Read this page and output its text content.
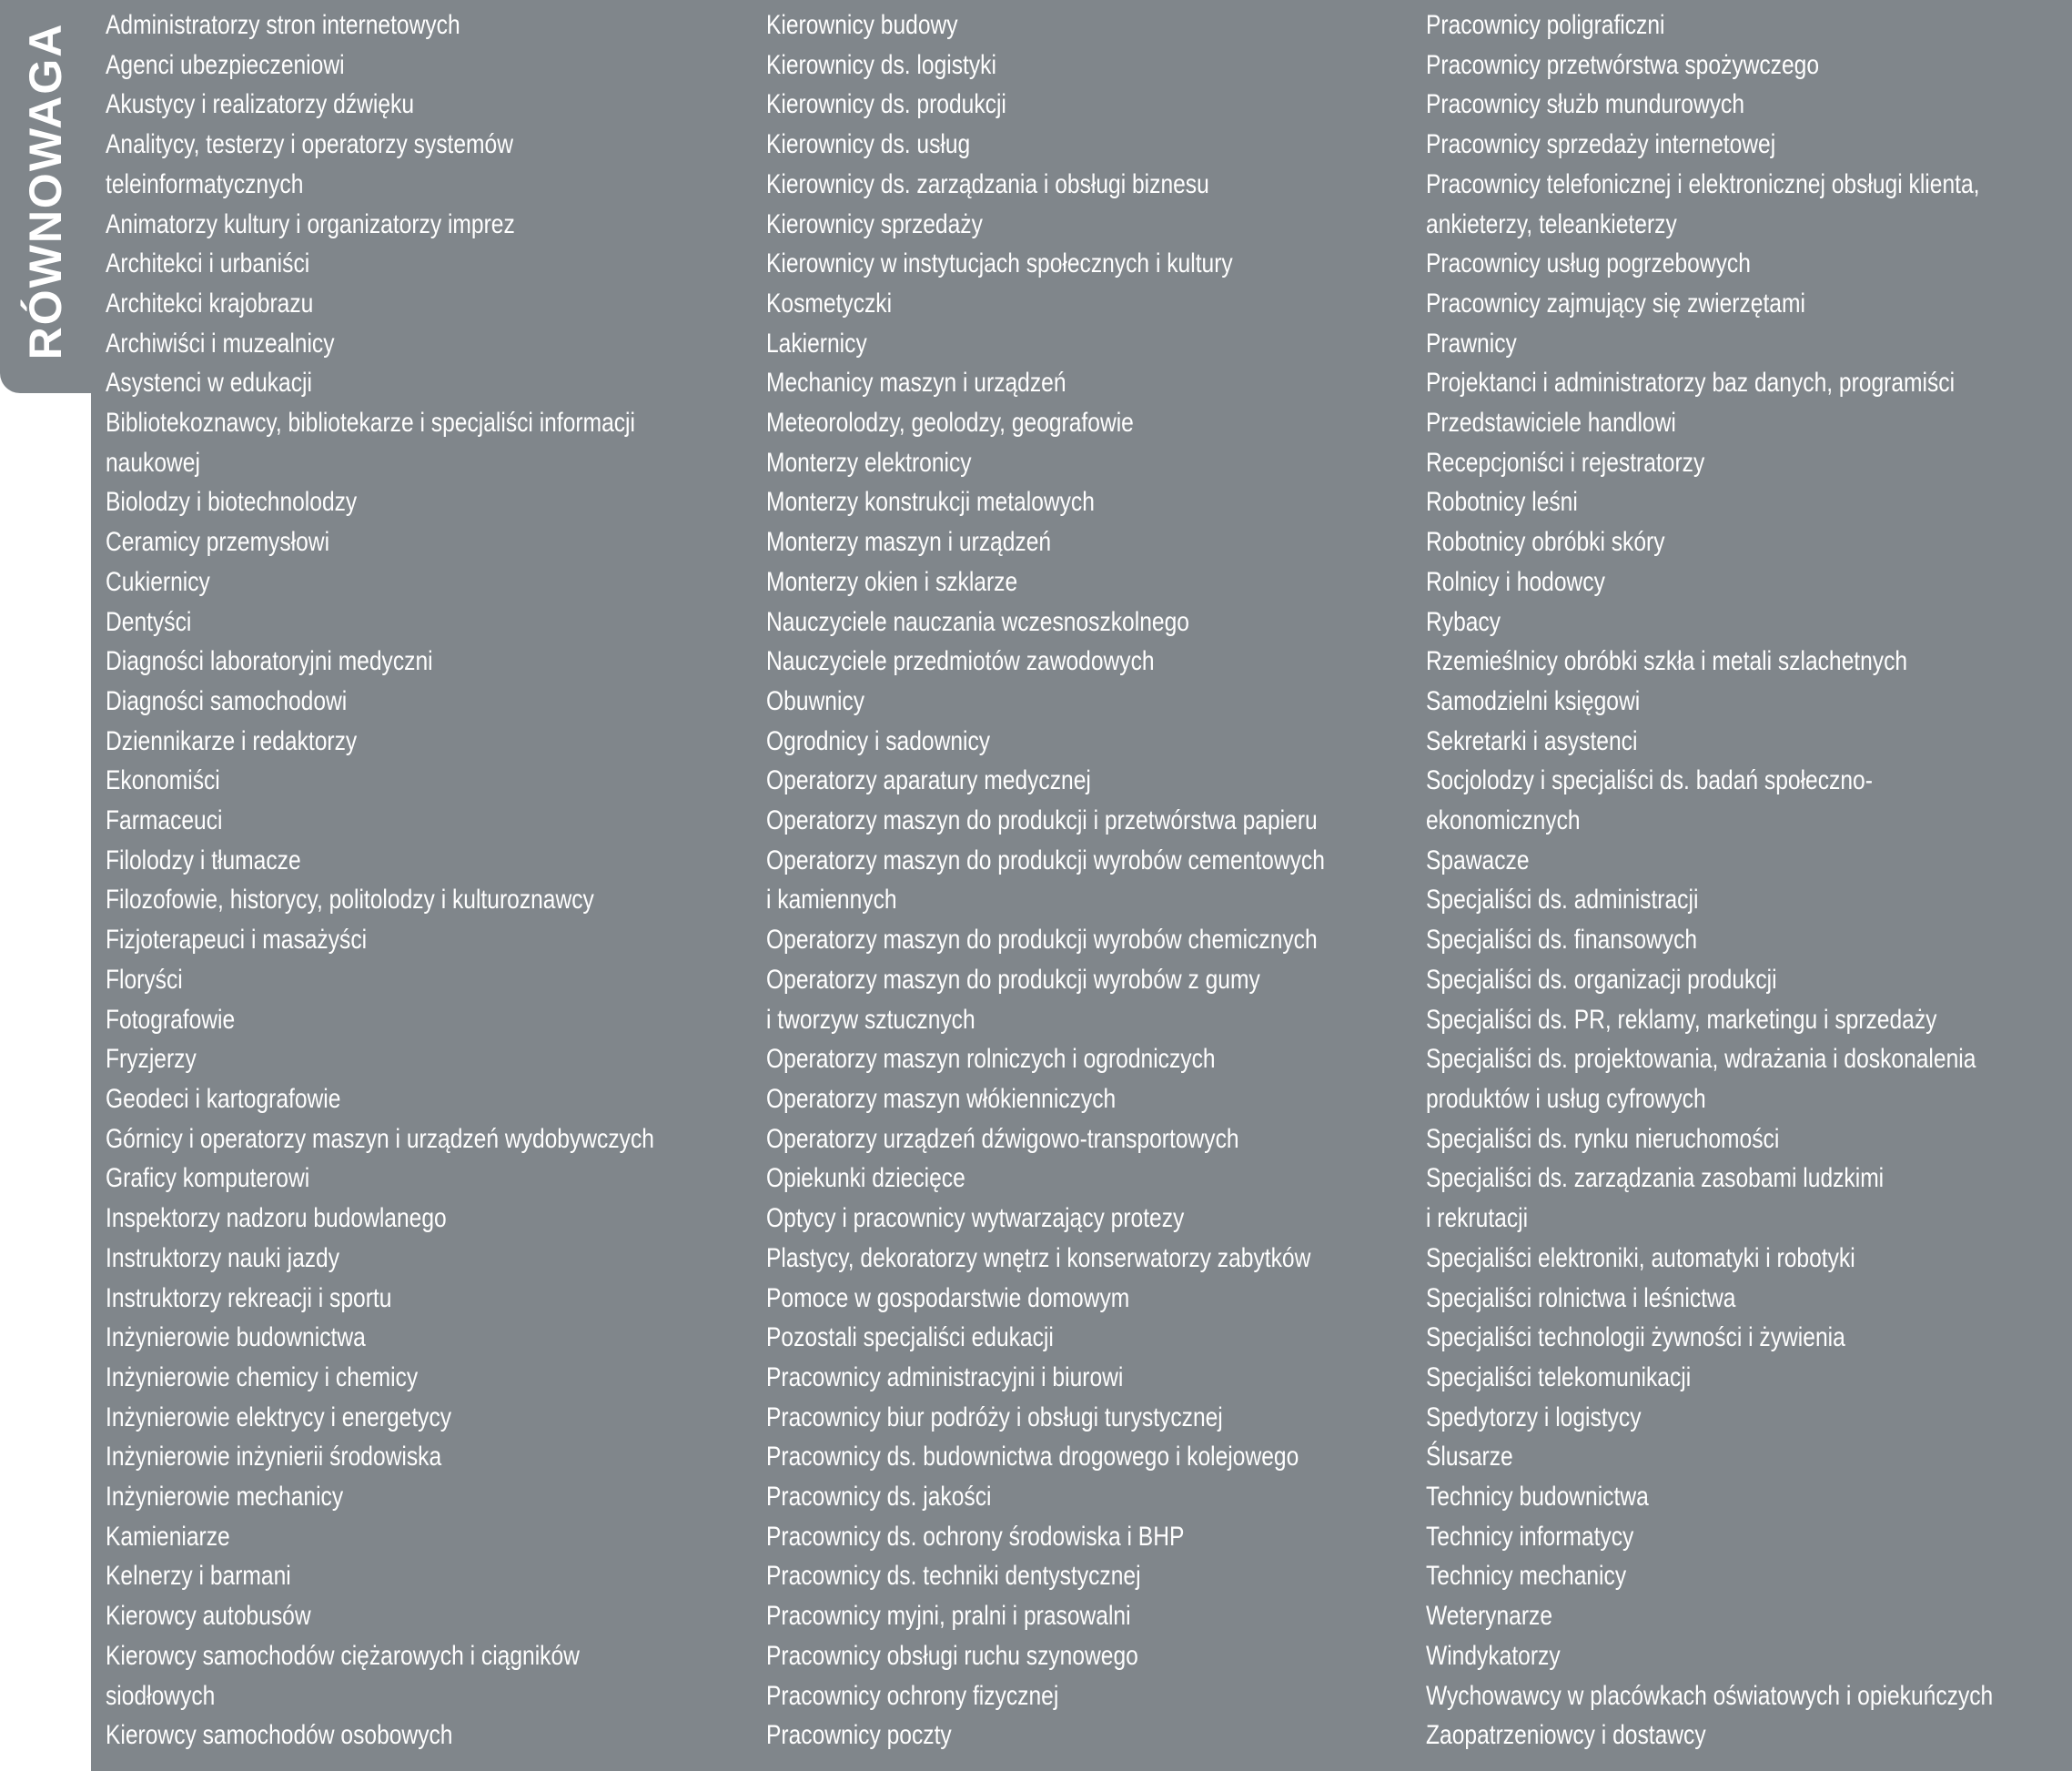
RÓWNOWAGA Administratorzy stron internetowych
Agenci ubezpieczeniowi
Akustycy i realizatorzy dźwięku
Analitycy, testerzy i operatorzy systemów
teleinformatycznych
Animatorzy kultury i organizatorzy imprez
Architekci i urbaniści
Architekci krajobrazu
Archiwiści i muzealnicy
Asystenci w edukacji
Bibliotekoznawcy, bibliotekarze i specjaliści informacji
naukowej
Biolodzy i biotechnolodzy
Ceramicy przemysłowi
Cukiernicy
Dentyści
Diagności laboratoryjni medyczni
Diagności samochodowi
Dziennikarze i redaktorzy
Ekonomiści
Farmaceuci
Filolodzy i tłumacze
Filozofowie, historycy, politolodzy i kulturoznawcy
Fizjoterapeuci i masażyści
Floryści
Fotografowie
Fryzjerzy
Geodeci i kartografowie
Górnicy i operatorzy maszyn i urządzeń wydobywczych
Graficy komputerowi
Inspektorzy nadzoru budowlanego
Instruktorzy nauki jazdy
Instruktorzy rekreacji i sportu
Inżynierowie budownictwa
Inżynierowie chemicy i chemicy
Inżynierowie elektrycy i energetycy
Inżynierowie inżynierii środowiska
Inżynierowie mechanicy
Kamieniarze
Kelnerzy i barmani
Kierowcy autobusów
Kierowcy samochodów ciężarowych i ciągników
siodłowych
Kierowcy samochodów osobowych
Kierownicy budowy
Kierownicy ds. logistyki
Kierownicy ds. produkcji
Kierownicy ds. usług
Kierownicy ds. zarządzania i obsługi biznesu
Kierownicy sprzedaży
Kierownicy w instytucjach społecznych i kultury
Kosmetyczki
Lakiernicy
Mechanicy maszyn i urządzeń
Meteorolodzy, geolodzy, geografowie
Monterzy elektronicy
Monterzy konstrukcji metalowych
Monterzy maszyn i urządzeń
Monterzy okien i szklarze
Nauczyciele nauczania wczesnoszkolnego
Nauczyciele przedmiotów zawodowych
Obuwnicy
Ogrodnicy i sadownicy
Operatorzy aparatury medycznej
Operatorzy maszyn do produkcji i przetwórstwa papieru
Operatorzy maszyn do produkcji wyrobów cementowych
i kamiennych
Operatorzy maszyn do produkcji wyrobów chemicznych
Operatorzy maszyn do produkcji wyrobów z gumy
i tworzyw sztucznych
Operatorzy maszyn rolniczych i ogrodniczych
Operatorzy maszyn włókienniczych
Operatorzy urządzeń dźwigowo-transportowych
Opiekunki dziecięce
Optycy i pracownicy wytwarzający protezy
Plastycy, dekoratorzy wnętrz i konserwatorzy zabytków
Pomoce w gospodarstwie domowym
Pozostali specjaliści edukacji
Pracownicy administracyjni i biurowi
Pracownicy biur podróży i obsługi turystycznej
Pracownicy ds. budownictwa drogowego i kolejowego
Pracownicy ds. jakości
Pracownicy ds. ochrony środowiska i BHP
Pracownicy ds. techniki dentystycznej
Pracownicy myjni, pralni i prasowalni
Pracownicy obsługi ruchu szynowego
Pracownicy ochrony fizycznej
Pracownicy poczty
Pracownicy poligraficzni
Pracownicy przetwórstwa spożywczego
Pracownicy służb mundurowych
Pracownicy sprzedaży internetowej
Pracownicy telefonicznej i elektronicznej obsługi klienta,
ankieterzy, teleankieterzy
Pracownicy usług pogrzebowych
Pracownicy zajmujący się zwierzętami
Prawnicy
Projektanci i administratorzy baz danych, programiści
Przedstawiciele handlowi
Recepcjoniści i rejestratorzy
Robotnicy leśni
Robotnicy obróbki skóry
Rolnicy i hodowcy
Rybacy
Rzemieślnicy obróbki szkła i metali szlachetnych
Samodzielni księgowi
Sekretarki i asystenci
Socjolodzy i specjaliści ds. badań społeczno-
ekonomicznych
Spawacze
Specjaliści ds. administracji
Specjaliści ds. finansowych
Specjaliści ds. organizacji produkcji
Specjaliści ds. PR, reklamy, marketingu i sprzedaży
Specjaliści ds. projektowania, wdrażania i doskonalenia
produktów i usług cyfrowych
Specjaliści ds. rynku nieruchomości
Specjaliści ds. zarządzania zasobami ludzkimi
i rekrutacji
Specjaliści elektroniki, automatyki i robotyki
Specjaliści rolnictwa i leśnictwa
Specjaliści technologii żywności i żywienia
Specjaliści telekomunikacji
Spedytorzy i logistycy
Ślusarze
Technicy budownictwa
Technicy informatycy
Technicy mechanicy
Weterynarze
Windykatorzy
Wychowawcy w placówkach oświatowych i opiekuńczych
Zaopatrzeniowcy i dostawcy
